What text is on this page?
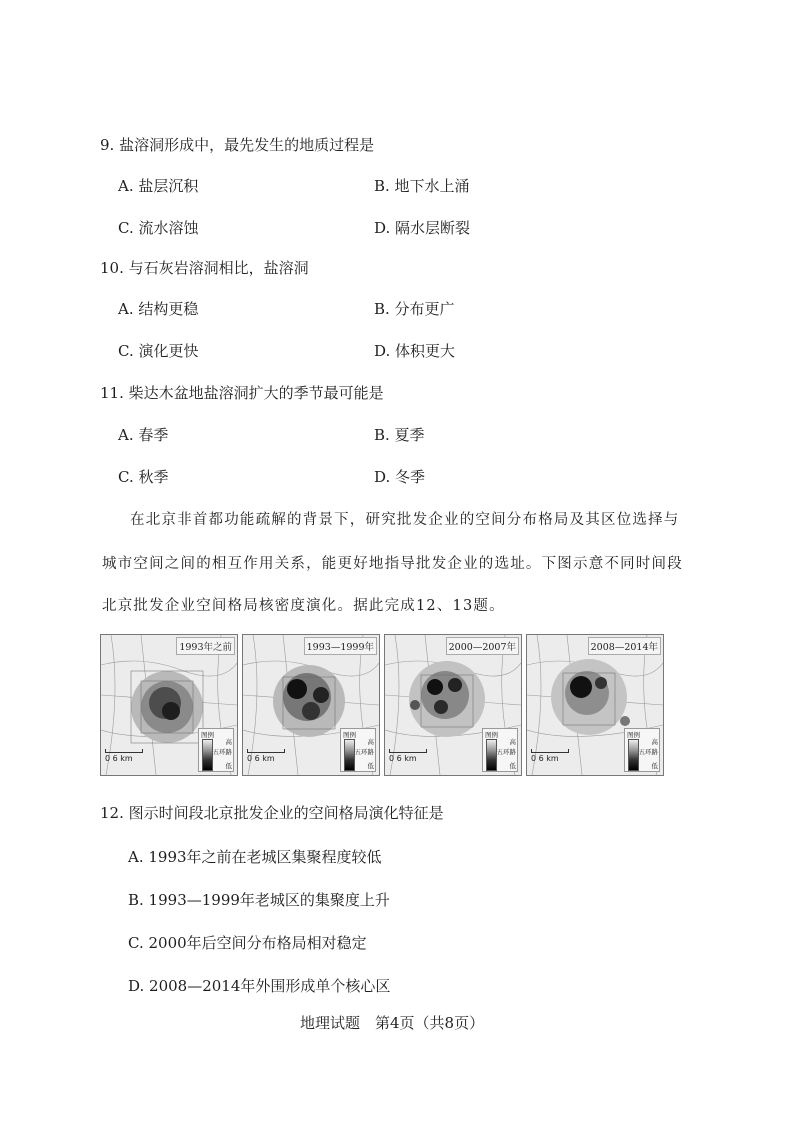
9. 盐溶洞形成中，最先发生的地质过程是
A. 盐层沉积	B. 地下水上涌
C. 流水溶蚀	D. 隔水层断裂
10. 与石灰岩溶洞相比，盐溶洞
A. 结构更稳	B. 分布更广
C. 演化更快	D. 体积更大
11. 柴达木盆地盐溶洞扩大的季节最可能是
A. 春季	B. 夏季
C. 秋季	D. 冬季
在北京非首都功能疏解的背景下，研究批发企业的空间分布格局及其区位选择与
城市空间之间的相互作用关系，能更好地指导批发企业的选址。下图示意不同时间段
北京批发企业空间格局核密度演化。据此完成12、13题。
1993年之前
0 6 km
图例
高
五环路
低
1993—1999年
0 6 km
图例
高
五环路
低
2000—2007年
0 6 km
图例
高
五环路
低
2008—2014年
0 6 km
图例
高
五环路
低
12. 图示时间段北京批发企业的空间格局演化特征是
A. 1993年之前在老城区集聚程度较低
B. 1993—1999年老城区的集聚度上升
C. 2000年后空间分布格局相对稳定
D. 2008—2014年外围形成单个核心区
地理试题　第4页（共8页）
